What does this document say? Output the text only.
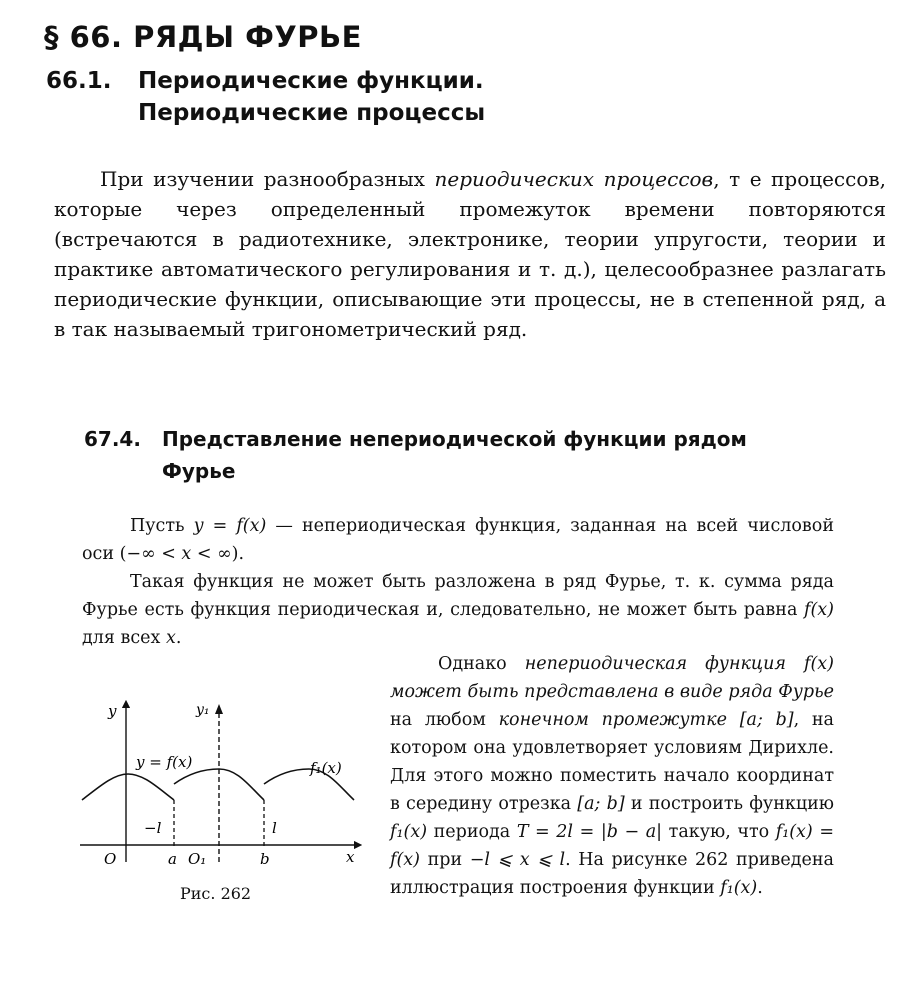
§ 66. РЯДЫ ФУРЬЕ
66.1. Периодические функции.
Периодические процессы

При изучении разнообразных периодических процессов, т е процессов, которые через определенный промежуток времени повторяются (встречаются в радиотехнике, электронике, теории упругости, теории и практике автоматического регулирования и т. д.), целесообразнее разлагать периодические функции, описывающие эти процессы, не в степенной ряд, а в так называемый тригонометрический ряд.

67.4. Представление непериодической функции рядом
Фурье

Пусть y = f(x) — непериодическая функция, заданная на всей числовой оси (−∞ < x < ∞).

Такая функция не может быть разложена в ряд Фурье, т. к. сумма ряда Фурье есть функция периодическая и, следовательно, не может быть равна f(x) для всех x.

Однако непериодическая функция f(x) может быть представлена в виде ряда Фурье на любом конечном промежутке [a; b], на котором она удовлетворяет условиям Дирихле. Для этого можно поместить начало координат в середину отрезка [a; b] и построить функцию f₁(x) периода T = 2l = |b − a| такую, что f₁(x) = f(x) при −l ⩽ x ⩽ l. На рисунке 262 приведена иллюстрация построения функции f₁(x).

y	y₁
y = f(x)	f₁(x)
−l	l
O	a O₁	b	x
Рис. 262
